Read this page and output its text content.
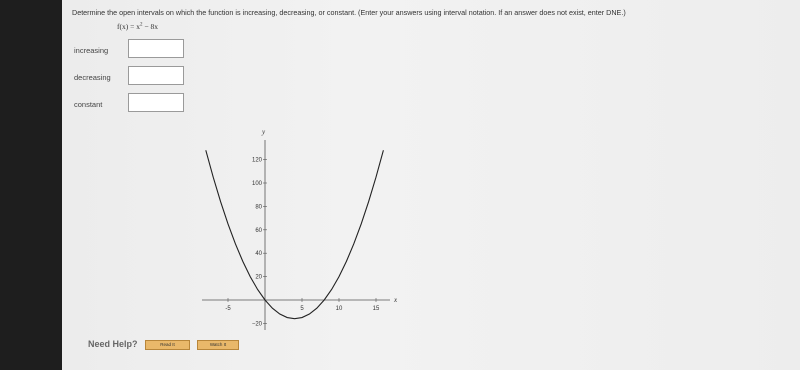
Determine the open intervals on which the function is increasing, decreasing, or constant. (Enter your answers using interval notation. If an answer does not exist, enter DNE.)
$f(x) = x^2 - 8x$
increasing
decreasing
constant
x
y
-5	5	10	15
120
100
80
60
40
20
−20
Need Help?	Read It	Watch It
